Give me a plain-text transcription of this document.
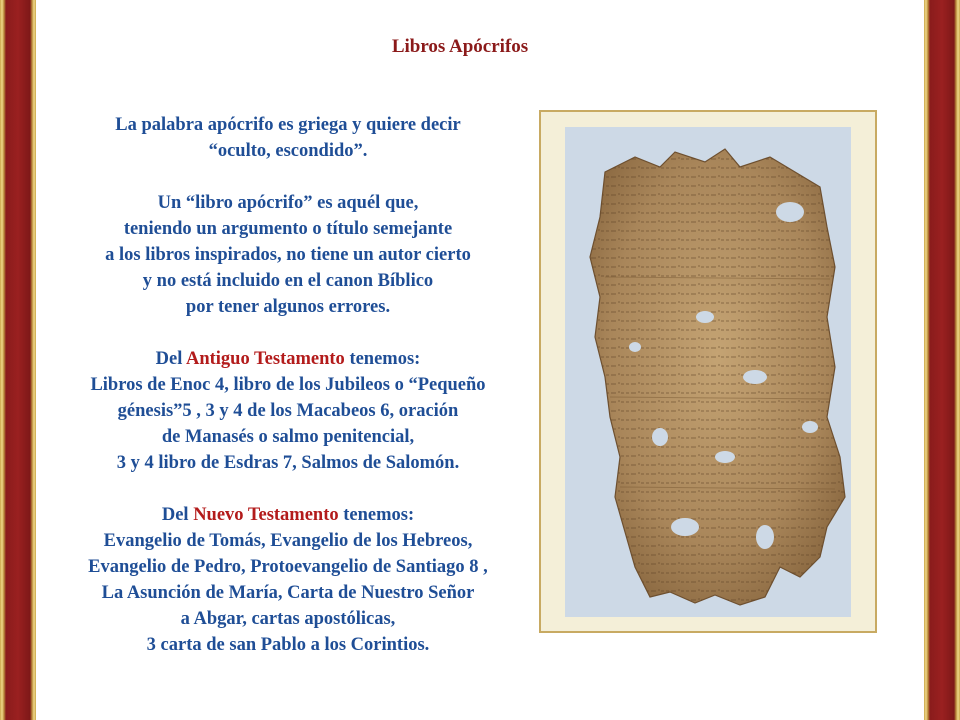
Libros Apócrifos

La palabra apócrifo es griega y quiere decir
“oculto, escondido”.

Un “libro apócrifo” es aquél que,
teniendo un argumento o título semejante
a los libros inspirados, no tiene un autor cierto
y no está incluido en el canon Bíblico
por tener algunos errores.

Del Antiguo Testamento tenemos:
Libros de Enoc 4, libro de los Jubileos o “Pequeño
génesis”5 , 3 y 4 de los Macabeos 6, oración
de Manasés o salmo penitencial,
3 y 4 libro de Esdras 7, Salmos de Salomón.

Del Nuevo Testamento tenemos:
Evangelio de Tomás, Evangelio de los Hebreos,
Evangelio de Pedro, Protoevangelio de Santiago 8 ,
La Asunción de María, Carta de Nuestro Señor
a Abgar, cartas apostólicas,
3 carta de san Pablo a los Corintios.
